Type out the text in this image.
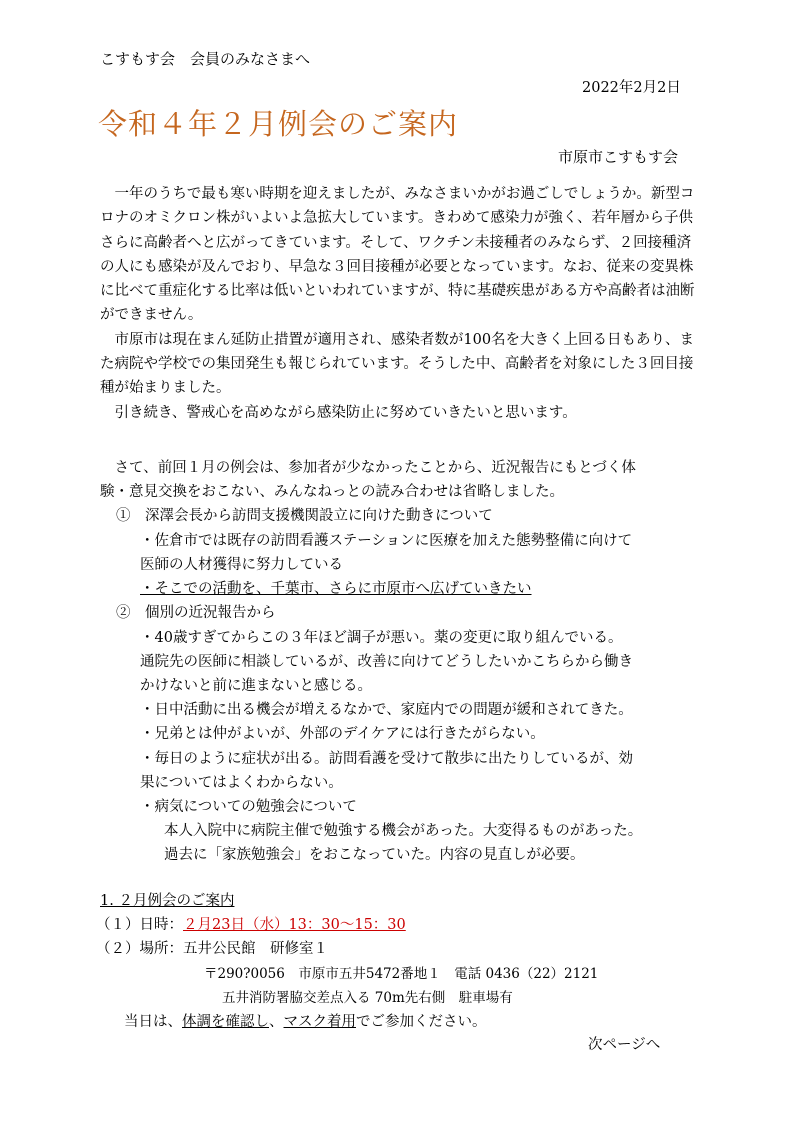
こすもす会　会員のみなさまへ
2022年2月2日
令和４年２月例会のご案内
市原市こすもす会

　一年のうちで最も寒い時期を迎えましたが、みなさまいかがお過ごしでしょうか。新型コロナのオミクロン株がいよいよ急拡大しています。きわめて感染力が強く、若年層から子供さらに高齢者へと広がってきています。そして、ワクチン未接種者のみならず、２回接種済の人にも感染が及んでおり、早急な３回目接種が必要となっています。なお、従来の変異株に比べて重症化する比率は低いといわれていますが、特に基礎疾患がある方や高齢者は油断ができません。

　市原市は現在まん延防止措置が適用され、感染者数が100名を大きく上回る日もあり、また病院や学校での集団発生も報じられています。そうした中、高齢者を対象にした３回目接種が始まりました。

　引き続き、警戒心を高めながら感染防止に努めていきたいと思います。

　さて、前回１月の例会は、参加者が少なかったことから、近況報告にもとづく体
験・意見交換をおこない、みんなねっとの読み合わせは省略しました。
①　深澤会長から訪問支援機関設立に向けた動きについて
・佐倉市では既存の訪問看護ステーションに医療を加えた態勢整備に向けて
医師の人材獲得に努力している
・そこでの活動を、千葉市、さらに市原市へ広げていきたい
②　個別の近況報告から
・40歳すぎてからこの３年ほど調子が悪い。薬の変更に取り組んでいる。
通院先の医師に相談しているが、改善に向けてどうしたいかこちらから働き
かけないと前に進まないと感じる。
・日中活動に出る機会が増えるなかで、家庭内での問題が緩和されてきた。
・兄弟とは仲がよいが、外部のデイケアには行きたがらない。
・毎日のように症状が出る。訪問看護を受けて散歩に出たりしているが、効
果についてはよくわからない。
・病気についての勉強会について
本人入院中に病院主催で勉強する機会があった。大変得るものがあった。
過去に「家族勉強会」をおこなっていた。内容の見直しが必要。
1. ２月例会のご案内
（１）日時：２月23日（水）13：30～15：30
（２）場所：五井公民館　研修室１
〒290?0056　市原市五井5472番地１　電話 0436（22）2121
五井消防署脇交差点入る 70m先右側　駐車場有
当日は、体調を確認し、マスク着用でご参加ください。
次ページへ
